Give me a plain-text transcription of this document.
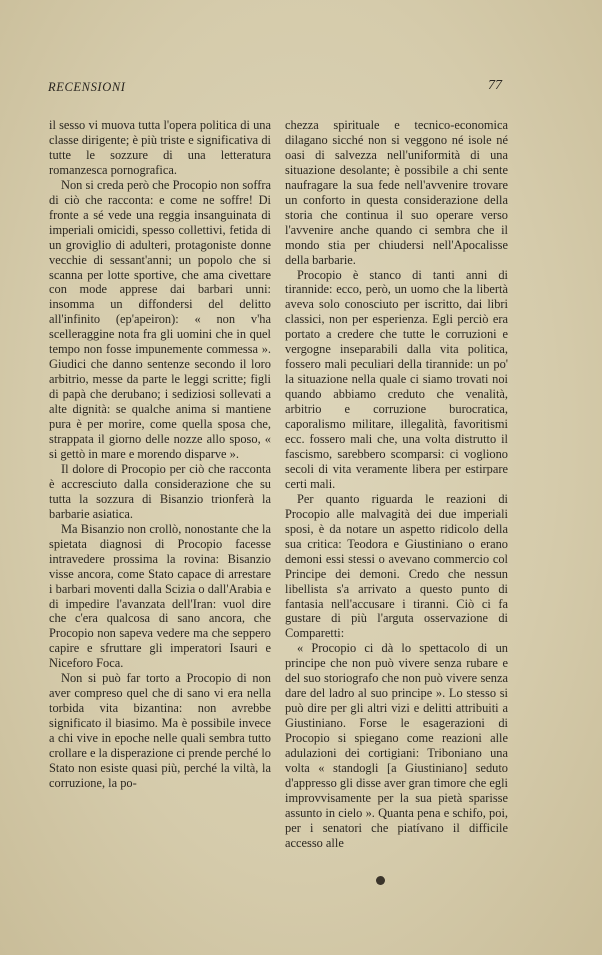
RECENSIONI	77

il sesso vi muova tutta l'opera politica di una classe dirigente; è più triste e significativa di tutte le sozzure di una letteratura romanzesca pornografica.

Non si creda però che Procopio non soffra di ciò che racconta: e come ne soffre! Di fronte a sé vede una reggia insanguinata di imperiali omicidi, spesso collettivi, fetida di un groviglio di adulteri, protagoniste donne vecchie di sessant'anni; un popolo che si scanna per lotte sportive, che ama civettare con mode apprese dai barbari unni: insomma un diffondersi del delitto all'infinito (ep'apeiron): « non v'ha scelleraggine nota fra gli uomini che in quel tempo non fosse impunemente commessa ». Giudici che danno sentenze secondo il loro arbitrio, messe da parte le leggi scritte; figli di papà che derubano; i sediziosi sollevati a alte dignità: se qualche anima si mantiene pura è per morire, come quella sposa che, strappata il giorno delle nozze allo sposo, « si gettò in mare e morendo disparve ».

Il dolore di Procopio per ciò che racconta è accresciuto dalla considerazione che su tutta la sozzura di Bisanzio trionferà la barbarie asiatica.

Ma Bisanzio non crollò, nonostante che la spietata diagnosi di Procopio facesse intravedere prossima la rovina: Bisanzio visse ancora, come Stato capace di arrestare i barbari moventi dalla Scizia o dall'Arabia e di impedire l'avanzata dell'Iran: vuol dire che c'era qualcosa di sano ancora, che Procopio non sapeva vedere ma che seppero capire e sfruttare gli imperatori Isauri e Niceforo Foca.

Non si può far torto a Procopio di non aver compreso quel che di sano vi era nella torbida vita bizantina: non avrebbe significato il biasimo. Ma è possibile invece a chi vive in epoche nelle quali sembra tutto crollare e la disperazione ci prende perché lo Stato non esiste quasi più, perché la viltà, la corruzione, la po-

chezza spirituale e tecnico-economica dilagano sicché non si veggono né isole né oasi di salvezza nell'uniformità di una situazione desolante; è possibile a chi sente naufragare la sua fede nell'avvenire trovare un conforto in questa considerazione della storia che continua il suo operare verso l'avvenire anche quando ci sembra che il mondo stia per chiudersi nell'Apocalisse della barbarie.

Procopio è stanco di tanti anni di tirannide: ecco, però, un uomo che la libertà aveva solo conosciuto per iscritto, dai libri classici, non per esperienza. Egli perciò era portato a credere che tutte le corruzioni e vergogne inseparabili dalla vita politica, fossero mali peculiari della tirannide: un po' la situazione nella quale ci siamo trovati noi quando abbiamo creduto che venalità, arbitrio e corruzione burocratica, caporalismo militare, illegalità, favoritismi ecc. fossero mali che, una volta distrutto il fascismo, sarebbero scomparsi: ci vogliono secoli di vita veramente libera per estirpare certi mali.

Per quanto riguarda le reazioni di Procopio alle malvagità dei due imperiali sposi, è da notare un aspetto ridicolo della sua critica: Teodora e Giustiniano o erano demoni essi stessi o avevano commercio col Principe dei demoni. Credo che nessun libellista s'a arrivato a questo punto di fantasia nell'accusare i tiranni. Ciò ci fa gustare di più l'arguta osservazione di Comparetti:

« Procopio ci dà lo spettacolo di un principe che non può vivere senza rubare e del suo storiografo che non può vivere senza dare del ladro al suo principe ». Lo stesso si può dire per gli altri vizi e delitti attribuiti a Giustiniano. Forse le esagerazioni di Procopio si spiegano come reazioni alle adulazioni dei cortigiani: Triboniano una volta « standogli [a Giustiniano] seduto d'appresso gli disse aver gran timore che egli improvvisamente per la sua pietà sparisse assunto in cielo ». Quanta pena e schifo, poi, per i senatori che piatívano il difficile accesso alle
